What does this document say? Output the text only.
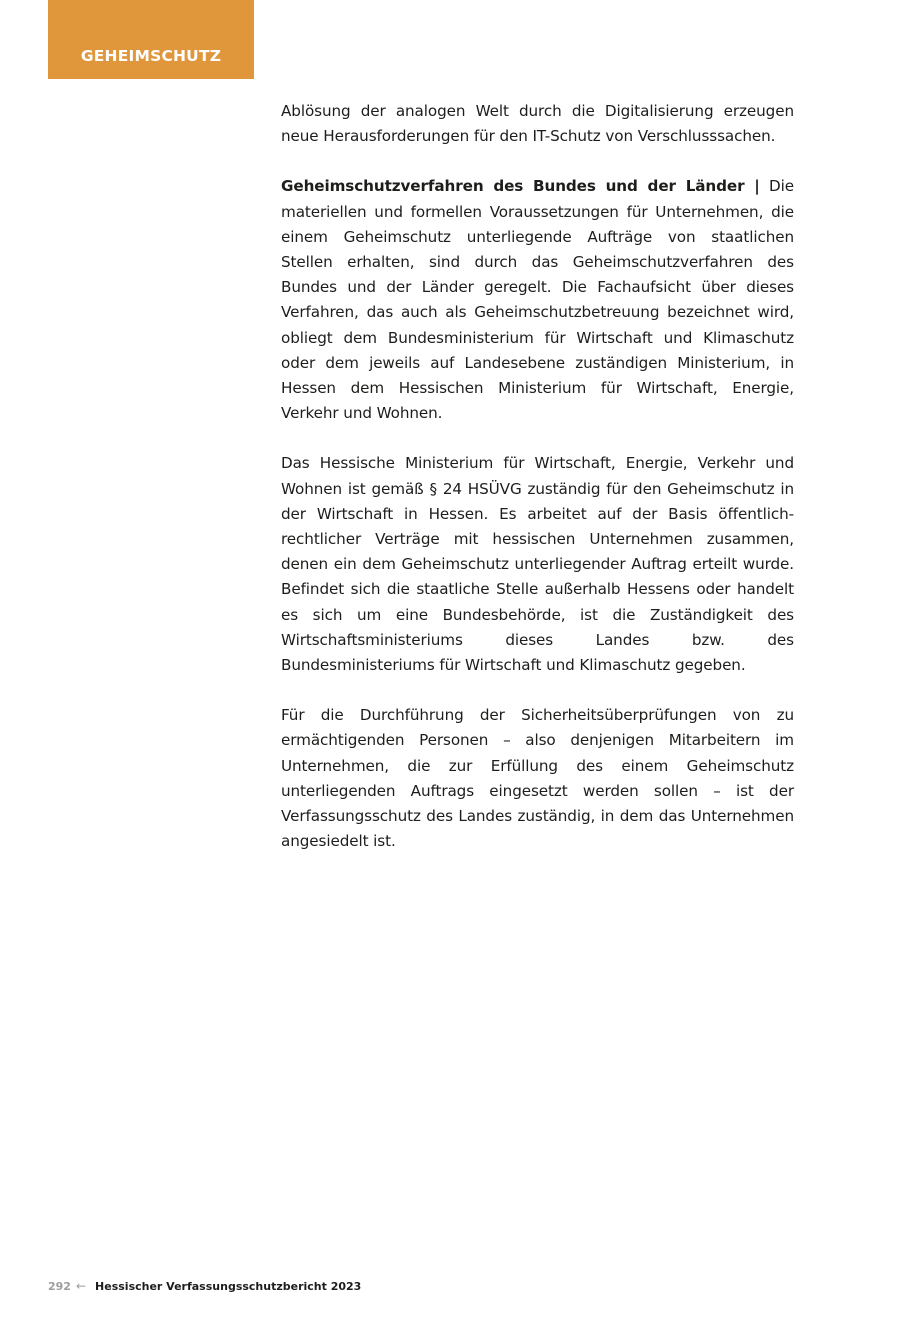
GEHEIMSCHUTZ

Ablösung der analogen Welt durch die Digitalisierung erzeugen neue Herausforderungen für den IT-Schutz von Verschlusssachen.

Geheimschutzverfahren des Bundes und der Länder | Die materiellen und formellen Voraussetzungen für Unternehmen, die einem Geheimschutz unterliegende Aufträge von staatlichen Stellen erhalten, sind durch das Geheimschutzverfahren des Bundes und der Länder geregelt. Die Fachaufsicht über dieses Verfahren, das auch als Geheimschutzbetreuung bezeichnet wird, obliegt dem Bundesministerium für Wirtschaft und Klimaschutz oder dem jeweils auf Landesebene zuständigen Ministerium, in Hessen dem Hessischen Ministerium für Wirtschaft, Energie, Verkehr und Wohnen.

Das Hessische Ministerium für Wirtschaft, Energie, Verkehr und Wohnen ist gemäß § 24 HSÜVG zuständig für den Geheimschutz in der Wirtschaft in Hessen. Es arbeitet auf der Basis öffentlich-rechtlicher Verträge mit hessischen Unternehmen zusammen, denen ein dem Geheimschutz unterliegender Auftrag erteilt wurde. Befindet sich die staatliche Stelle außerhalb Hessens oder handelt es sich um eine Bundesbehörde, ist die Zuständigkeit des Wirtschaftsministeriums dieses Landes bzw. des Bundesministeriums für Wirtschaft und Klimaschutz gegeben.

Für die Durchführung der Sicherheitsüberprüfungen von zu ermächtigenden Personen – also denjenigen Mitarbeitern im Unternehmen, die zur Erfüllung des einem Geheimschutz unterliegenden Auftrags eingesetzt werden sollen – ist der Verfassungsschutz des Landes zuständig, in dem das Unternehmen angesiedelt ist.

292 ← Hessischer Verfassungsschutzbericht 2023
